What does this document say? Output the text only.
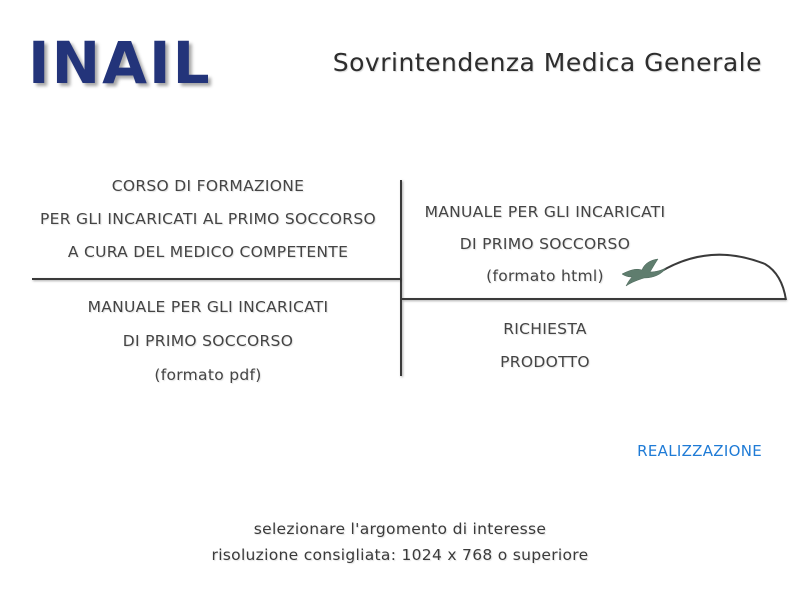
INAIL	Sovrintendenza Medica Generale
CORSO DI FORMAZIONE
PER GLI INCARICATI AL PRIMO SOCCORSO
A CURA DEL MEDICO COMPETENTE
MANUALE PER GLI INCARICATI
DI PRIMO SOCCORSO
(formato pdf)
MANUALE PER GLI INCARICATI
DI PRIMO SOCCORSO
(formato html)
RICHIESTA
PRODOTTO
REALIZZAZIONE
selezionare l'argomento di interesse
risoluzione consigliata: 1024 x 768 o superiore
